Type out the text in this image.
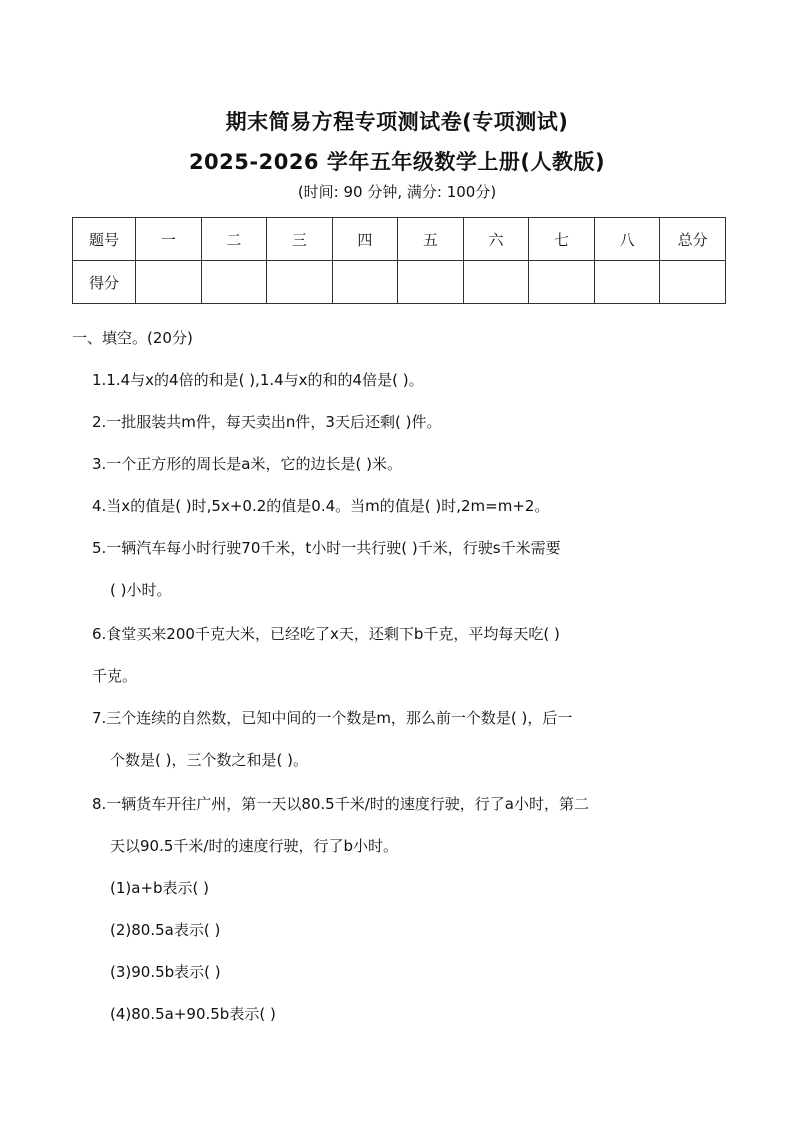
期末简易方程专项测试卷(专项测试)
2025-2026 学年五年级数学上册(人教版)
(时间: 90 分钟, 满分: 100分)
题号	一	二	三	四	五	六	七	八	总分
得分									
一、填空。(20分)
1.1.4与x的4倍的和是( ),1.4与x的和的4倍是( )。
2.一批服装共m件，每天卖出n件，3天后还剩( )件。
3.一个正方形的周长是a米，它的边长是( )米。
4.当x的值是( )时,5x+0.2的值是0.4。当m的值是( )时,2m=m+2。
5.一辆汽车每小时行驶70千米，t小时一共行驶( )千米，行驶s千米需要
( )小时。
6.食堂买来200千克大米，已经吃了x天，还剩下b千克，平均每天吃( )
千克。
7.三个连续的自然数，已知中间的一个数是m，那么前一个数是( )，后一
个数是( )，三个数之和是( )。
8.一辆货车开往广州，第一天以80.5千米/时的速度行驶，行了a小时，第二
天以90.5千米/时的速度行驶，行了b小时。
(1)a+b表示( )
(2)80.5a表示( )
(3)90.5b表示( )
(4)80.5a+90.5b表示( )
